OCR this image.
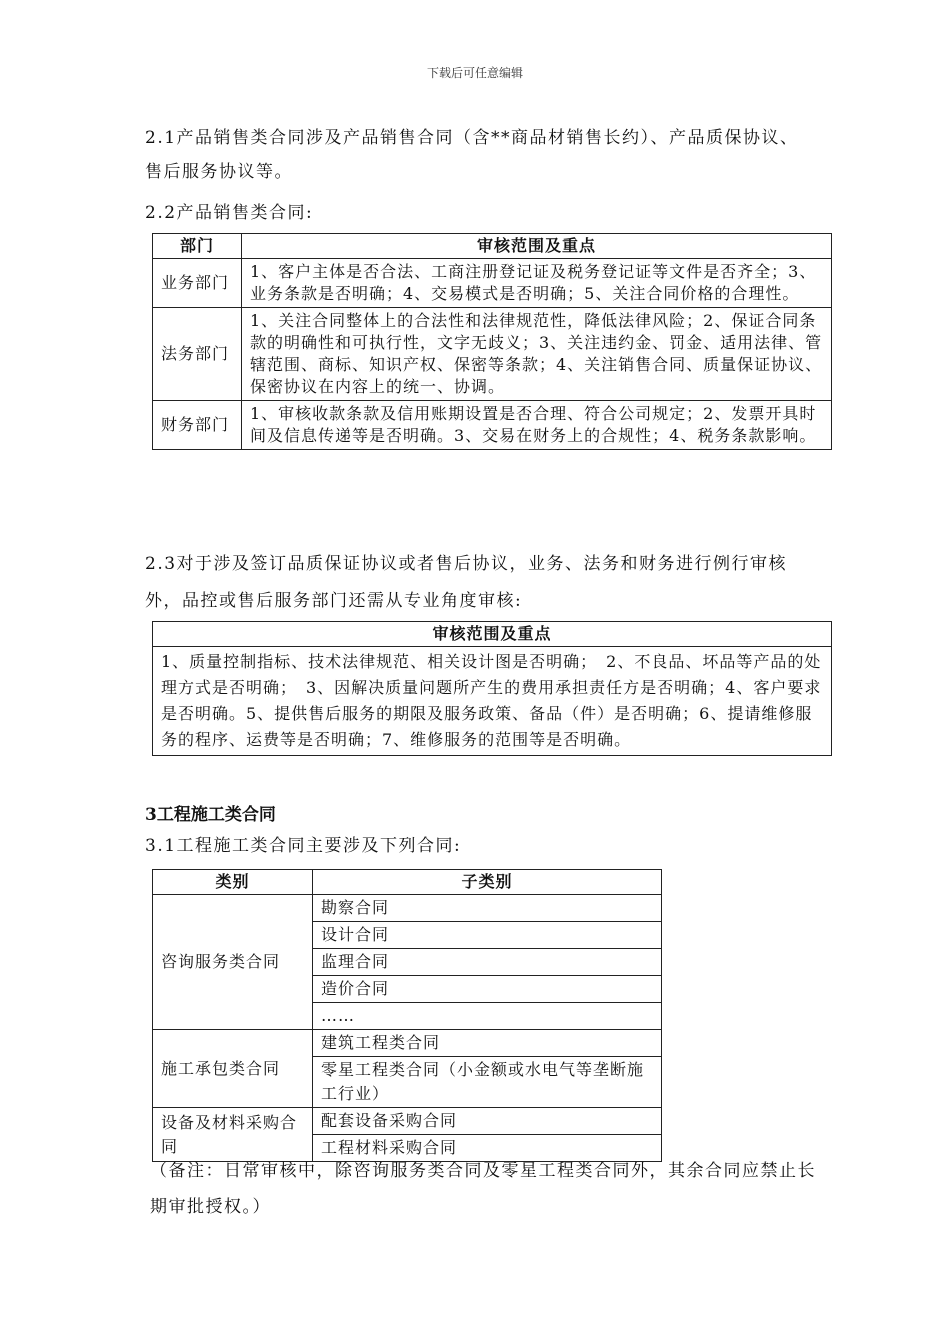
下载后可任意编辑
2.1产品销售类合同涉及产品销售合同（含**商品材销售长约）、产品质保协议、售后服务协议等。
2.2产品销售类合同:
部门	审核范围及重点
业务部门	1、客户主体是否合法、工商注册登记证及税务登记证等文件是否齐全；3、业务条款是否明确；4、交易模式是否明确；5、关注合同价格的合理性。
法务部门	1、关注合同整体上的合法性和法律规范性，降低法律风险；2、保证合同条款的明确性和可执行性，文字无歧义；3、关注违约金、罚金、适用法律、管辖范围、商标、知识产权、保密等条款；4、关注销售合同、质量保证协议、保密协议在内容上的统一、协调。
财务部门	1、审核收款条款及信用账期设置是否合理、符合公司规定；2、发票开具时间及信息传递等是否明确。3、交易在财务上的合规性；4、税务条款影响。
2.3对于涉及签订品质保证协议或者售后协议，业务、法务和财务进行例行审核外，品控或售后服务部门还需从专业角度审核:
审核范围及重点
1、质量控制指标、技术法律规范、相关设计图是否明确；　2、不良品、坏品等产品的处理方式是否明确；　3、因解决质量问题所产生的费用承担责任方是否明确；4、客户要求是否明确。5、提供售后服务的期限及服务政策、备品（件）是否明确；6、提请维修服务的程序、运费等是否明确；7、维修服务的范围等是否明确。
3工程施工类合同
3.1工程施工类合同主要涉及下列合同:
类别	子类别
咨询服务类合同	勘察合同
	设计合同
	监理合同
	造价合同
	……
施工承包类合同	建筑工程类合同
	零星工程类合同（小金额或水电气等垄断施工行业）
设备及材料采购合同	配套设备采购合同
	工程材料采购合同
（备注：日常审核中，除咨询服务类合同及零星工程类合同外，其余合同应禁止长期审批授权。）
